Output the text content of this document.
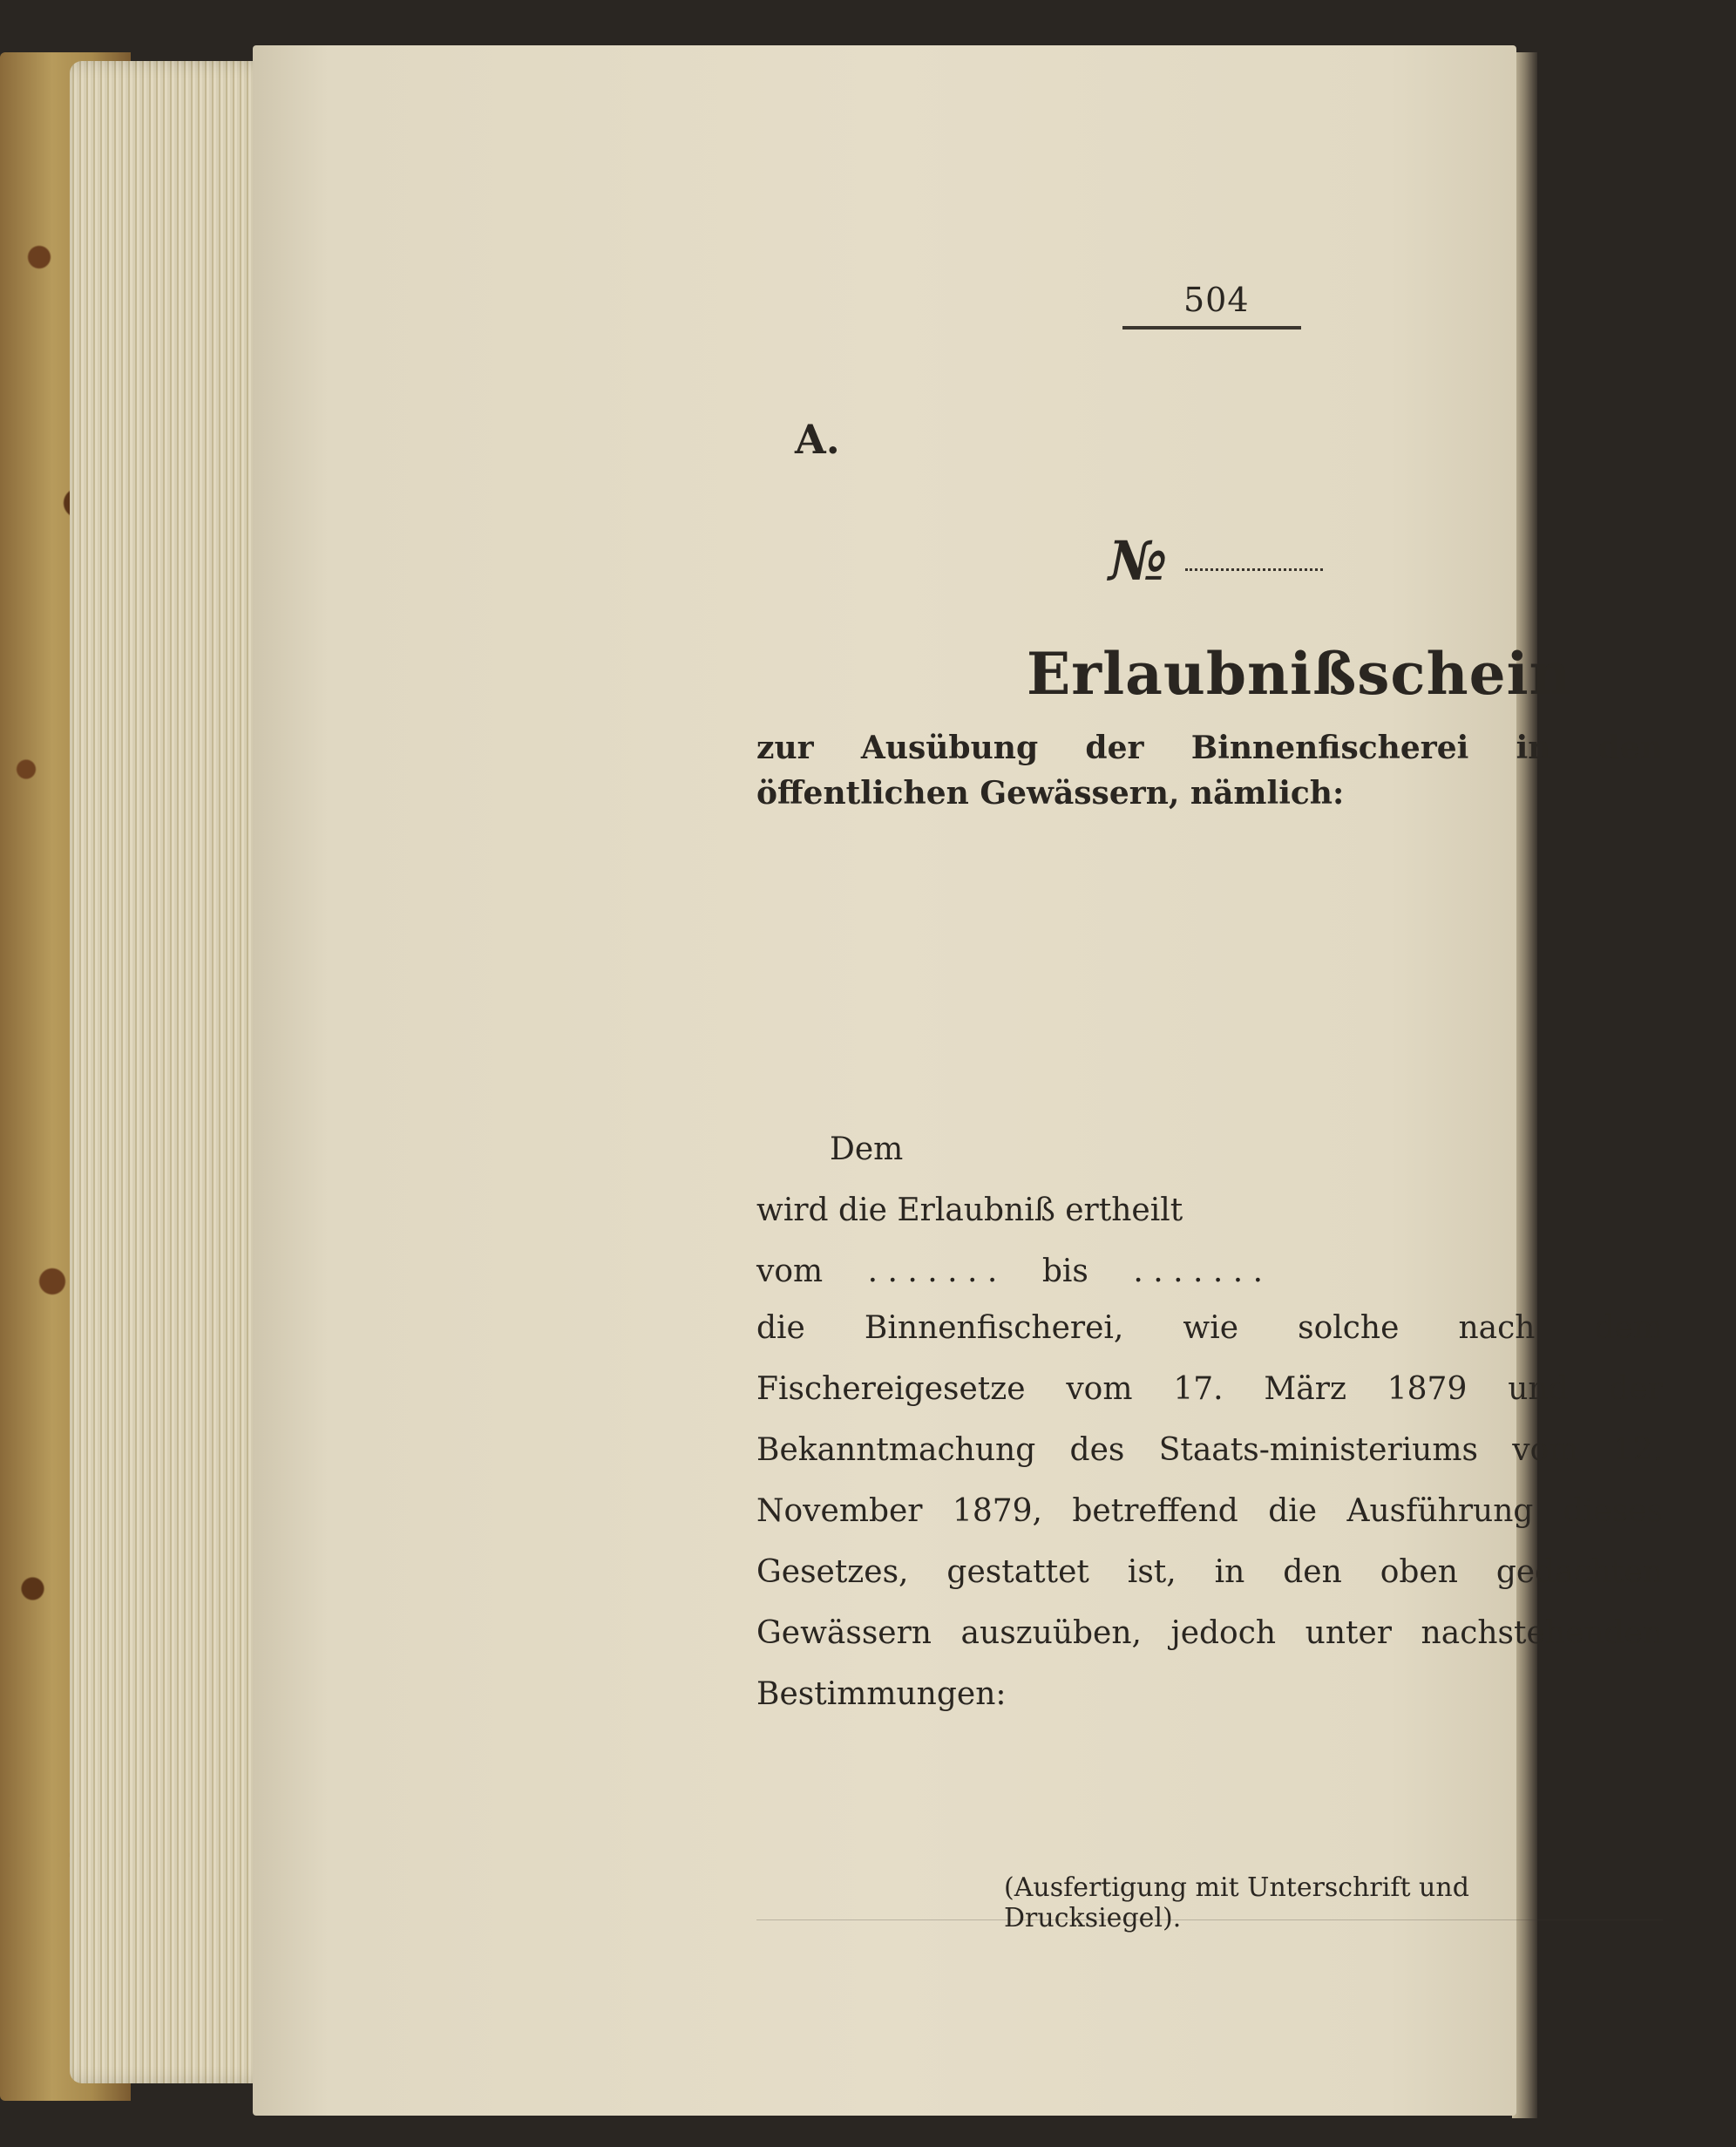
504
A.
№
Erlaubnißschein
zur Ausübung der Binnenfischerei in den öffentlichen Gewässern, nämlich:
Dem
wird die Erlaubniß ertheilt
vom . . . . . . . bis . . . . . . .
die Binnenfischerei, wie solche nach dem Fischereigesetze vom 17. März 1879 und der Bekanntmachung des Staats-ministeriums vom 12. November 1879, betreffend die Ausführung dieses Gesetzes, gestattet ist, in den oben gedachten Gewässern auszuüben, jedoch unter nachstehenden Bestimmungen:
(Ausfertigung mit Unterschrift und Drucksiegel).
